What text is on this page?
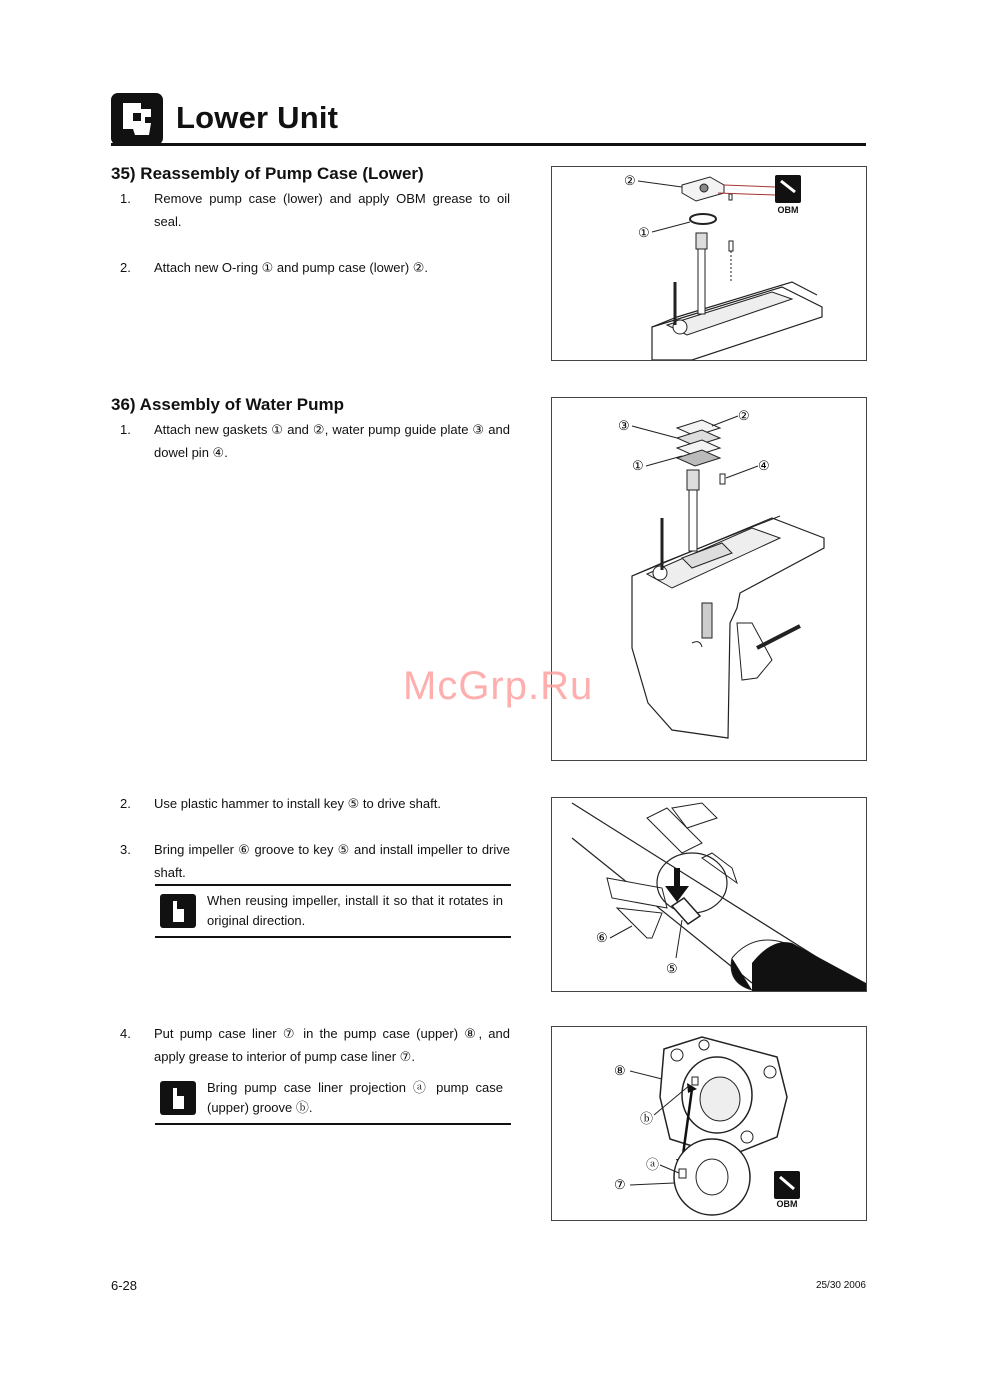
Lower Unit
35) Reassembly of Pump Case (Lower)
1. Remove pump case (lower) and apply OBM grease to oil seal.
2. Attach new O-ring ① and pump case (lower) ②.
OBM
②
①
36) Assembly of Water Pump
1. Attach new gaskets ① and ②, water pump guide plate ③ and dowel pin ④.
③
②
①	④
2. Use plastic hammer to install key ⑤ to drive shaft.
3. Bring impeller ⑥ groove to key ⑤ and install impeller to drive shaft.
When reusing impeller, install it so that it rotates in original direction.
⑥
⑤
4. Put pump case liner ⑦ in the pump case (upper) ⑧, and apply grease to interior of pump case liner ⑦.
Bring pump case liner projection ⓐ pump case (upper) groove ⓑ.
OBM
⑧
ⓑ
ⓐ
⑦
McGrp.Ru
6-28	25/30 2006
